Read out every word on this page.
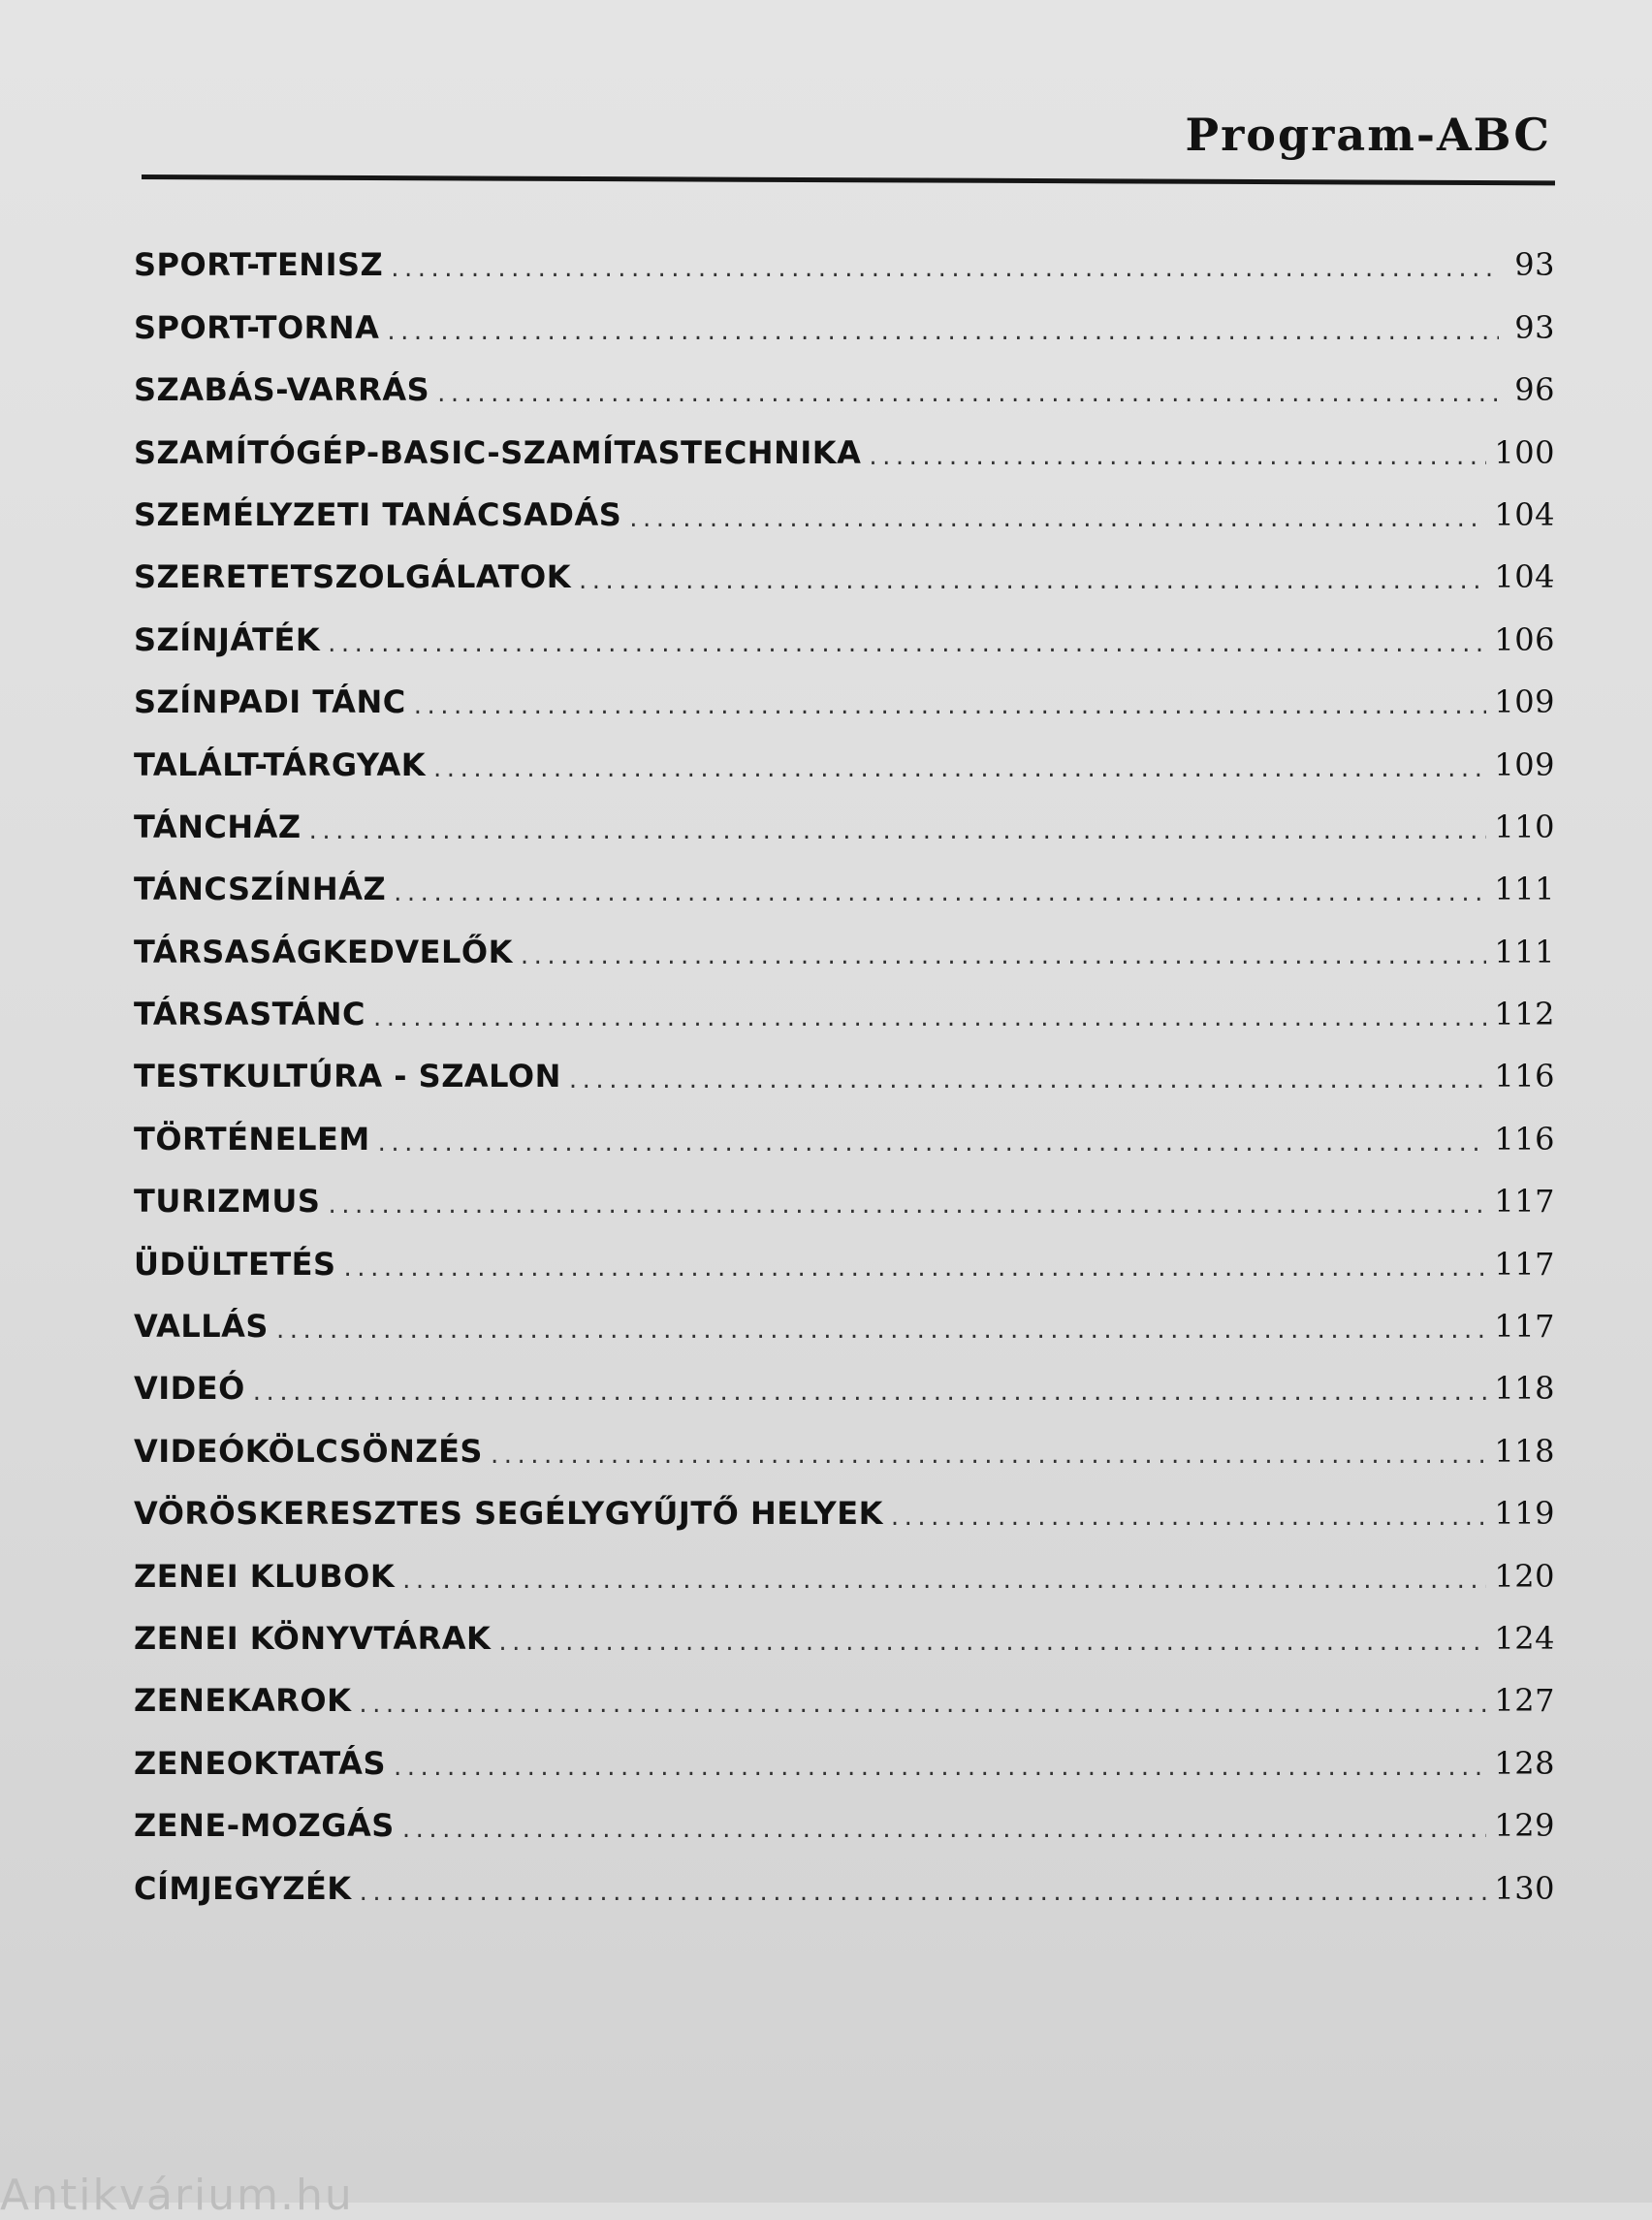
Program-ABC
SPORT-TENISZ .....	93
SPORT-TORNA .....	93
SZABÁS-VARRÁS .....	96
SZAMÍTÓGÉP-BASIC-SZAMÍTASTECHNIKA .....	100
SZEMÉLYZETI TANÁCSADÁS .....	104
SZERETETSZOLGÁLATOK .....	104
SZÍNJÁTÉK .....	106
SZÍNPADI TÁNC .....	109
TALÁLT-TÁRGYAK .....	109
TÁNCHÁZ .....	110
TÁNCSZÍNHÁZ .....	111
TÁRSASÁGKEDVELŐK .....	111
TÁRSASTÁNC .....	112
TESTKULTÚRA - SZALON .....	116
TÖRTÉNELEM .....	116
TURIZMUS .....	117
ÜDÜLTETÉS .....	117
VALLÁS .....	117
VIDEÓ .....	118
VIDEÓKÖLCSÖNZÉS .....	118
VÖRÖSKERESZTES SEGÉLYGYŰJTŐ HELYEK .....	119
ZENEI KLUBOK .....	120
ZENEI KÖNYVTÁRAK .....	124
ZENEKAROK .....	127
ZENEOKTATÁS .....	128
ZENE-MOZGÁS .....	129
CÍMJEGYZÉK .....	130
Antikvárium.hu
